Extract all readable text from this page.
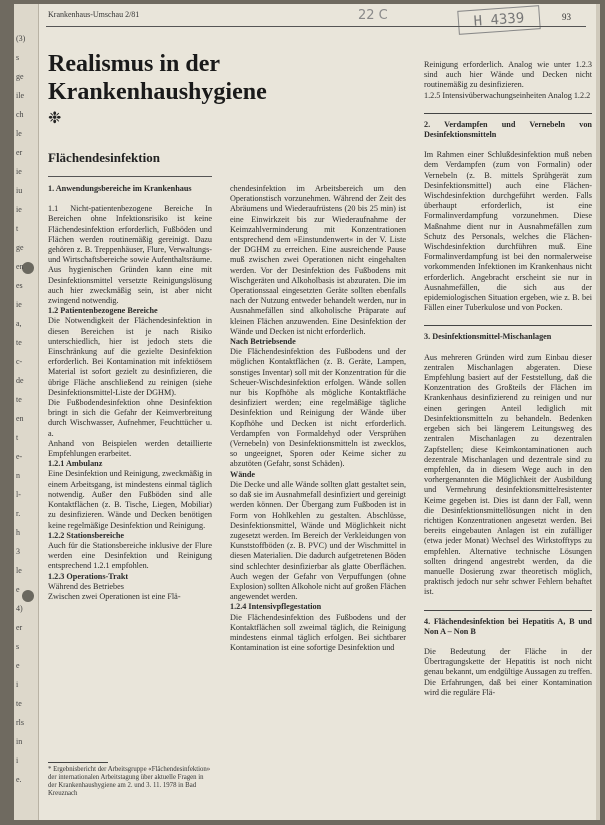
(3)
s
ge
ile
ch
le
er
ie
iu
ie
t
ge
en
es
ie
a,
te
c-
de
te
en
t
e-
n
l-
r.
h
3
le
e
4)
er
s
e
i
te
rls
in
i
e.
Krankenhaus-Umschau 2/81	22 C	H 4339	93
Realismus in der Krankenhaushygiene
❉
Flächendesinfektion

1. Anwendungsbereiche im Krankenhaus

1.1 Nicht-patientenbezogene Bereiche In Bereichen ohne Infektionsrisiko ist keine Flächendesinfektion erforderlich, Fußböden und Flächen werden routinemäßig gereinigt. Dazu gehören z. B. Treppenhäuser, Flure, Verwaltungs- und Wirtschaftsbereiche sowie Aufenthaltsräume. Aus hygienischen Gründen kann eine mit Desinfektionsmittel versetzte Reinigungslösung auch hier zweckmäßig sein, ist aber nicht zwingend notwendig.

1.2 Patientenbezogene Bereiche

Die Notwendigkeit der Flächendesinfektion in diesen Bereichen ist je nach Risiko unterschiedlich, hier ist jedoch stets die Einschränkung auf die gezielte Desinfektion erforderlich. Bei Kontamination mit infektiösem Material ist sofort gezielt zu desinfizieren, die übrige Fläche anschließend zu reinigen (siehe Desinfektionsmittel-Liste der DGHM).

Die Fußbodendesinfektion ohne Desinfektion bringt in sich die Gefahr der Keimverbreitung durch Wischwasser, Aufnehmer, Feuchttücher u. a.

Anhand von Beispielen werden detaillierte Empfehlungen erarbeitet.

1.2.1 Ambulanz

Eine Desinfektion und Reinigung, zweckmäßig in einem Arbeitsgang, ist mindestens einmal täglich notwendig. Außer den Fußböden sind alle Kontaktflächen (z. B. Tische, Liegen, Mobiliar) zu desinfizieren. Wände und Decken benötigen keine regelmäßige Desinfektion und Reinigung.

1.2.2 Stationsbereiche

Auch für die Stationsbereiche inklusive der Flure werden eine Desinfektion und Reinigung entsprechend 1.2.1 empfohlen.

1.2.3 Operations-Trakt

Während des Betriebes

Zwischen zwei Operationen ist eine Flä-

* Ergebnisbericht der Arbeitsgruppe «Flächendesinfektion» der internationalen Arbeitstagung über aktuelle Fragen in der Krankenhaushygiene am 2. und 3. 11. 1978 in Bad Kreuznach

chendesinfektion im Arbeitsbereich um den Operationstisch vorzunehmen. Während der Zeit des Abräumens und Wiederaufrüstens (20 bis 25 min) ist eine Einwirkzeit bis zur Wiederaufnahme der Keimzahlverminderung mit Konzentrationen entsprechend dem »Einstundenwert« in der V. Liste der DGHM zu erreichen. Eine ausreichende Pause muß zwischen zwei Operationen nicht eingehalten werden. Vor der Desinfektion des Fußbodens mit Wischgeräten und Alkoholbasis ist abzuraten. Die im Operationssaal eingesetzten Geräte sollten ebenfalls nach der Nutzung entweder behandelt werden, nur in Ausnahmefällen sind alkoholische Präparate auf kleinen Flächen anzuwenden. Eine Desinfektion der Wände und Decken ist nicht erforderlich.

Nach Betriebsende

Die Flächendesinfektion des Fußbodens und der möglichen Kontaktflächen (z. B. Geräte, Lampen, sonstiges Inventar) soll mit der Konzentration für die Scheuer-Wischdesinfektion erfolgen. Wände sollen nur bis Kopfhöhe als mögliche Kontaktfläche desinfiziert werden; eine regelmäßige tägliche Desinfektion und Reinigung der Wände über Kopfhöhe und Decken ist nicht erforderlich. Verdampfen von Formaldehyd oder Versprühen (Vernebeln) von Desinfektionsmitteln ist zwecklos, so ungeeignet, Sporen oder Keime sicher zu abzutöten (Gefahr, sonst Schäden).

Wände

Die Decke und alle Wände sollten glatt gestaltet sein, so daß sie im Ausnahmefall desinfiziert und gereinigt werden können. Der Übergang zum Fußboden ist in Form von Hohlkehlen zu gestalten. Abschlüsse, Desinfektionsmittel, Wände und Möglichkeit nicht zugesetzt werden. Im Bereich der Verkleidungen von Kunststoffböden (z. B. PVC) und der Wischmittel in diesen Materialien. Die dadurch aufgetretenen Böden sind schlechter desinfizierbar als glatte Oberflächen. Auch wegen der Gefahr von Verpuffungen (ohne Explosion) sollten Alkohole nicht auf großen Flächen angewendet werden.

1.2.4 Intensivpflegestation

Die Flächendesinfektion des Fußbodens und der Kontaktflächen soll zweimal täglich, die Reinigung mindestens einmal täglich erfolgen. Bei sichtbarer Kontamination ist eine sofortige Desinfektion und

Reinigung erforderlich. Analog wie unter 1.2.3 sind auch hier Wände und Decken nicht routinemäßig zu desinfizieren.

1.2.5 Intensivüberwachungseinheiten Analog 1.2.2

2. Verdampfen und Vernebeln von Desinfektionsmitteln

Im Rahmen einer Schlußdesinfektion muß neben dem Verdampfen (zum von Formalin) oder Vernebeln (z. B. mittels Sprühgerät zum Desinfektionsmittel) auch eine Flächen-Wischdesinfektion durchgeführt werden. Falls überhaupt erforderlich, ist eine Formalinverdampfung vorzunehmen. Diese Maßnahme dient nur in Ausnahmefällen zum Schutz des Personals, welches die Flächen-Wischdesinfektion durchführen muß. Eine Formalinverdampfung ist bei den normalerweise vorkommenden Infektionen im Krankenhaus nicht erforderlich. Angebracht erscheint sie nur in Ausnahmefällen, die sich aus der epidemiologischen Situation ergeben, wie z. B. bei Fällen einer Tuberkulose und von Pocken.

3. Desinfektionsmittel-Mischanlagen

Aus mehreren Gründen wird zum Einbau dieser zentralen Mischanlagen abgeraten. Diese Empfehlung basiert auf der Feststellung, daß die Konzentration des Großteils der Flächen im Krankenhaus desinfizierend zu reinigen und nur einen geringen Anteil lediglich mit Desinfektionsmitteln zu behandeln. Bedenken ergeben sich bei längerem Leitungsweg des zentralen Mischanlagen zu dezentralen Zapfstellen; diese Keimkontaminationen auch dezentrale Mischanlagen und dezentrale sind zu empfehlen, da in diesem Wege auch in den vorhergenannten die Möglichkeit der Ausbildung und Vermehrung desinfektionsmittelresistenter Keime gegeben ist. Dies ist dann der Fall, wenn die Desinfektionsmittellösungen nicht in den richtigen Konzentrationen angesetzt werden. Bei bereits eingebauten Anlagen ist ein zufälliger (etwa jeder Monat) Wechsel des Wirkstofftyps zu empfehlen. Alternative technische Lösungen sollten dringend angestrebt werden, da die manuelle Dosierung zwar theoretisch möglich, praktisch jedoch nur sehr schwer Fehlern behaftet ist.

4. Flächendesinfektion bei Hepatitis A, B und Non A – Non B

Die Bedeutung der Fläche in der Übertragungskette der Hepatitis ist noch nicht genau bekannt, um endgültige Aussagen zu treffen. Die Erfahrungen, daß bei einer Kontamination wird die reguläre Flä-
